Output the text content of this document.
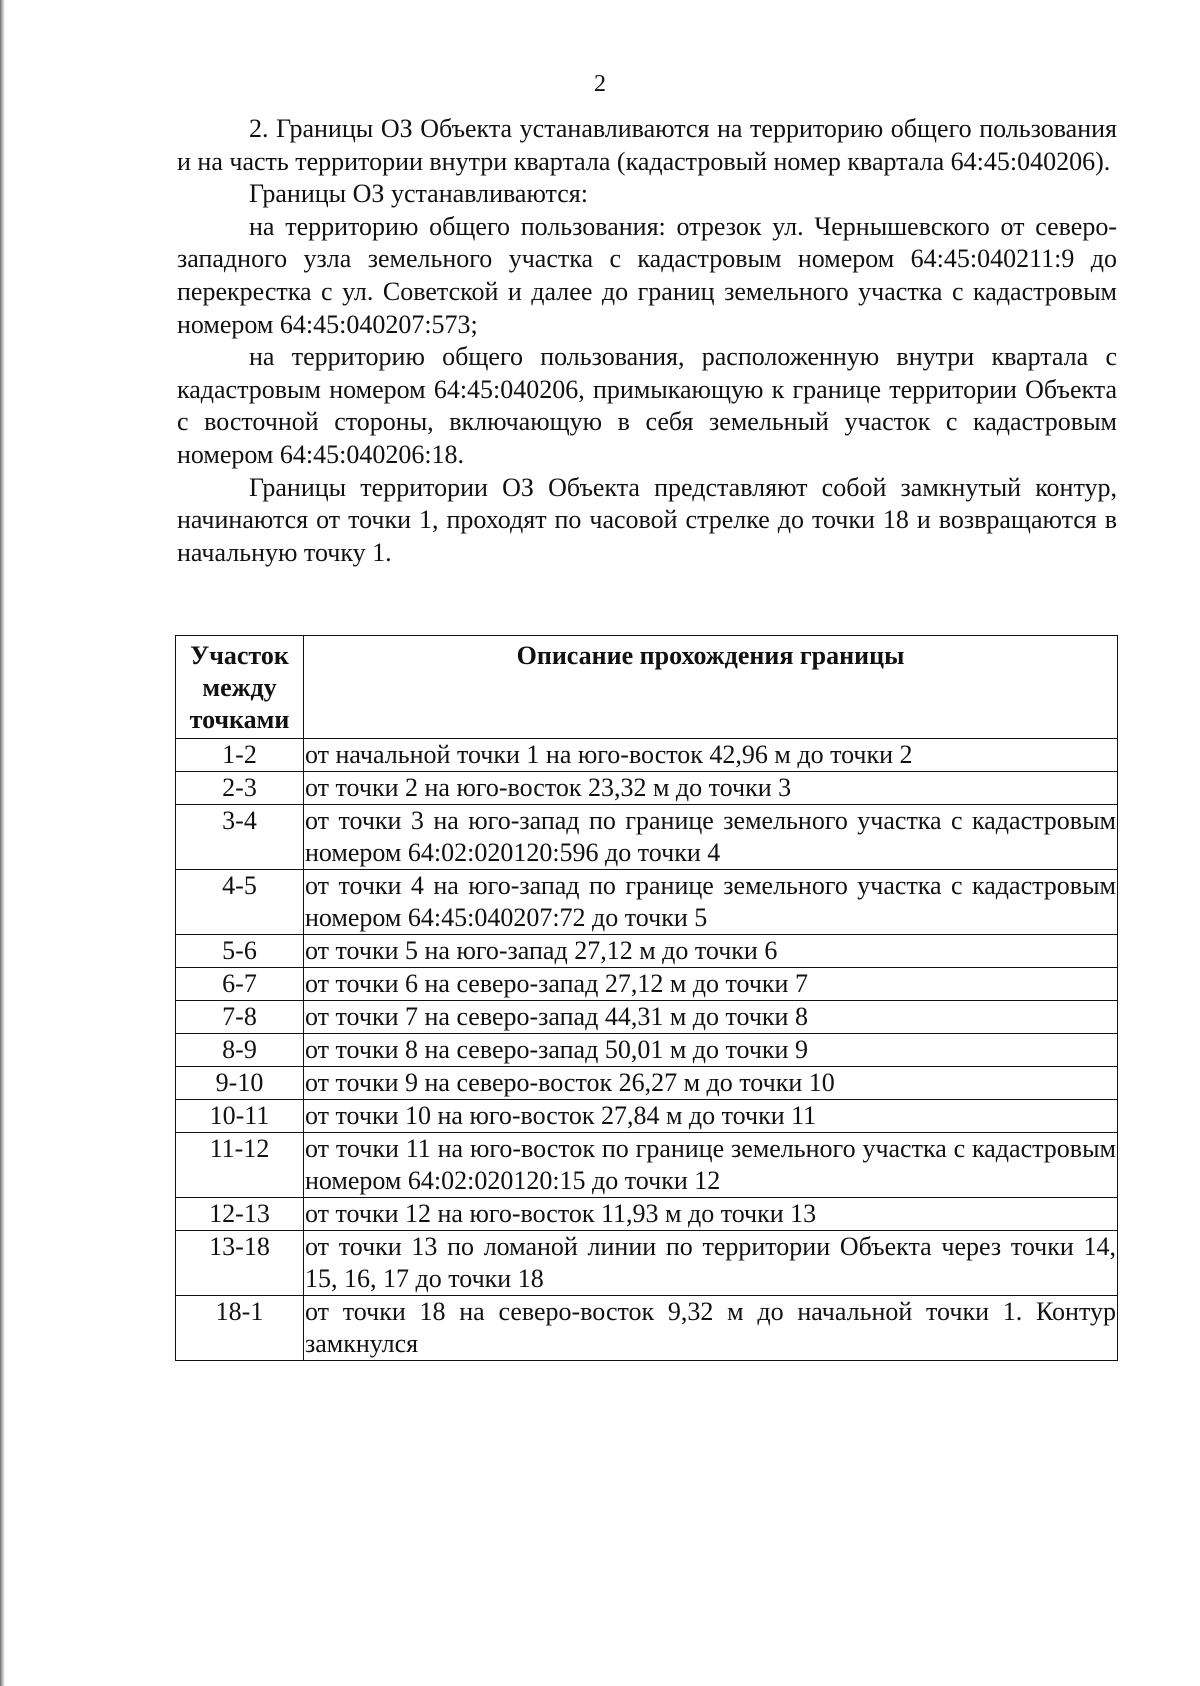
2

2. Границы ОЗ Объекта устанавливаются на территорию общего пользования и на часть территории внутри квартала (кадастровый номер квартала 64:45:040206).

Границы ОЗ устанавливаются:

на территорию общего пользования: отрезок ул. Чернышевского от северо-западного узла земельного участка с кадастровым номером 64:45:040211:9 до перекрестка с ул. Советской и далее до границ земельного участка с кадастровым номером 64:45:040207:573;

на территорию общего пользования, расположенную внутри квартала с кадастровым номером 64:45:040206, примыкающую к границе территории Объекта с восточной стороны, включающую в себя земельный участок с кадастровым номером 64:45:040206:18.

Границы территории ОЗ Объекта представляют собой замкнутый контур, начинаются от точки 1, проходят по часовой стрелке до точки 18 и возвращаются в начальную точку 1.

Участок между точками	Описание прохождения границы
1-2	от начальной точки 1 на юго-восток 42,96 м до точки 2
2-3	от точки 2 на юго-восток 23,32 м до точки 3
3-4	от точки 3 на юго-запад по границе земельного участка с кадастровым номером 64:02:020120:596 до точки 4
4-5	от точки 4 на юго-запад по границе земельного участка с кадастровым номером 64:45:040207:72 до точки 5
5-6	от точки 5 на юго-запад 27,12 м до точки 6
6-7	от точки 6 на северо-запад 27,12 м до точки 7
7-8	от точки 7 на северо-запад 44,31 м до точки 8
8-9	от точки 8 на северо-запад 50,01 м до точки 9
9-10	от точки 9 на северо-восток 26,27 м до точки 10
10-11	от точки 10 на юго-восток 27,84 м до точки 11
11-12	от точки 11 на юго-восток по границе земельного участка с кадастровым номером 64:02:020120:15 до точки 12
12-13	от точки 12 на юго-восток 11,93 м до точки 13
13-18	от точки 13 по ломаной линии по территории Объекта через точки 14, 15, 16, 17 до точки 18
18-1	от точки 18 на северо-восток 9,32 м до начальной точки 1. Контур замкнулся
